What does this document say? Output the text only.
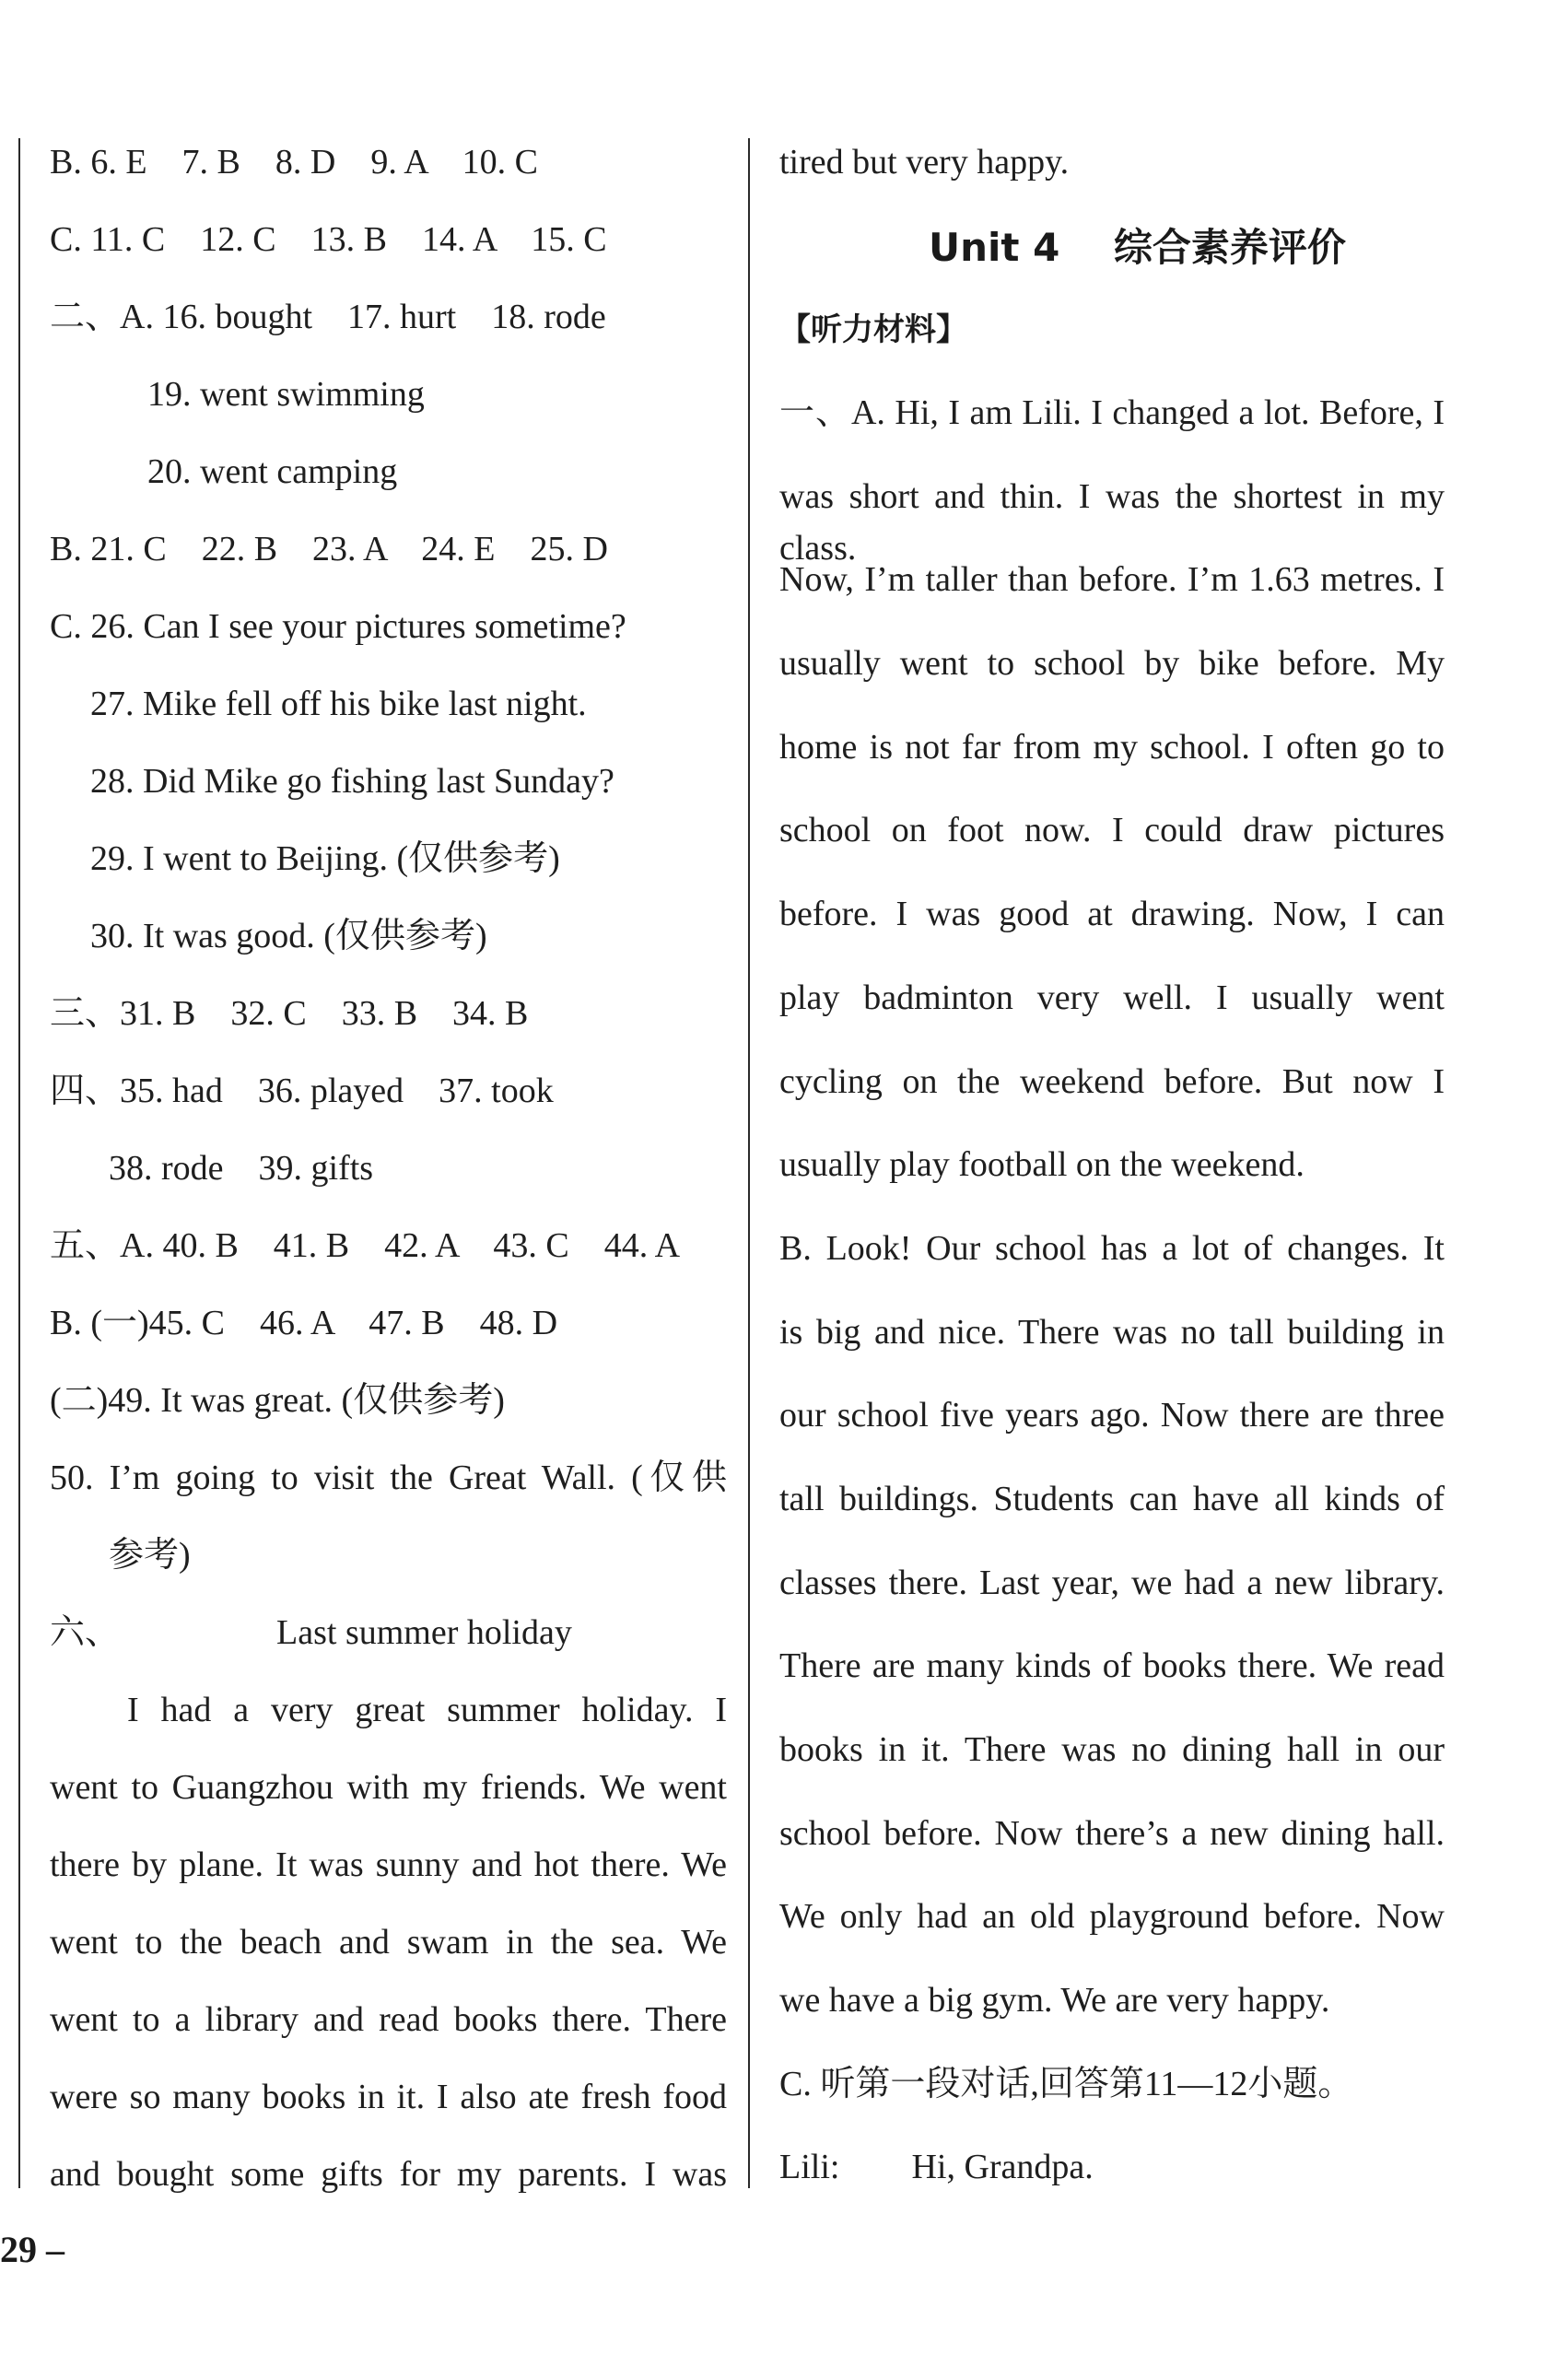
B. 6. E    7. B    8. D    9. A    10. C

C. 11. C    12. C    13. B    14. A    15. C

二、A. 16. bought    17. hurt    18. rode

19. went swimming

20. went camping

B. 21. C    22. B    23. A    24. E    25. D

C. 26. Can I see your pictures sometime?

27. Mike fell off his bike last night.

28. Did Mike go fishing last Sunday?

29. I went to Beijing. (仅供参考)

30. It was good. (仅供参考)

三、31. B    32. C    33. B    34. B

四、35. had    36. played    37. took

38. rode    39. gifts

五、A. 40. B    41. B    42. A    43. C    44. A

B. (一)45. C    46. A    47. B    48. D

(二)49. It was great. (仅供参考)

50. I’m going to visit the Great Wall. (仅供

参考)

六、	Last summer holiday

I had a very great summer holiday. I

went to Guangzhou with my friends. We went

there by plane. It was sunny and hot there. We

went to the beach and swam in the sea. We

went to a library and read books there. There

were so many books in it. I also ate fresh food

and bought some gifts for my parents. I was

tired but very happy.

Unit 4    综合素养评价

【听力材料】

一、A. Hi, I am Lili. I changed a lot. Before, I

was short and thin. I was the shortest in my class.

Now, I’m taller than before. I’m 1.63 metres. I

usually went to school by bike before. My

home is not far from my school. I often go to

school on foot now. I could draw pictures

before. I was good at drawing. Now, I can

play badminton very well. I usually went

cycling on the weekend before. But now I

usually play football on the weekend.

B. Look! Our school has a lot of changes. It

is big and nice. There was no tall building in

our school five years ago. Now there are three

tall buildings. Students can have all kinds of

classes there. Last year, we had a new library.

There are many kinds of books there. We read

books in it. There was no dining hall in our

school before. Now there’s a new dining hall.

We only had an old playground before. Now

we have a big gym. We are very happy.

C. 听第一段对话,回答第11—12小题。

Lili: Hi, Grandpa.

29 –
